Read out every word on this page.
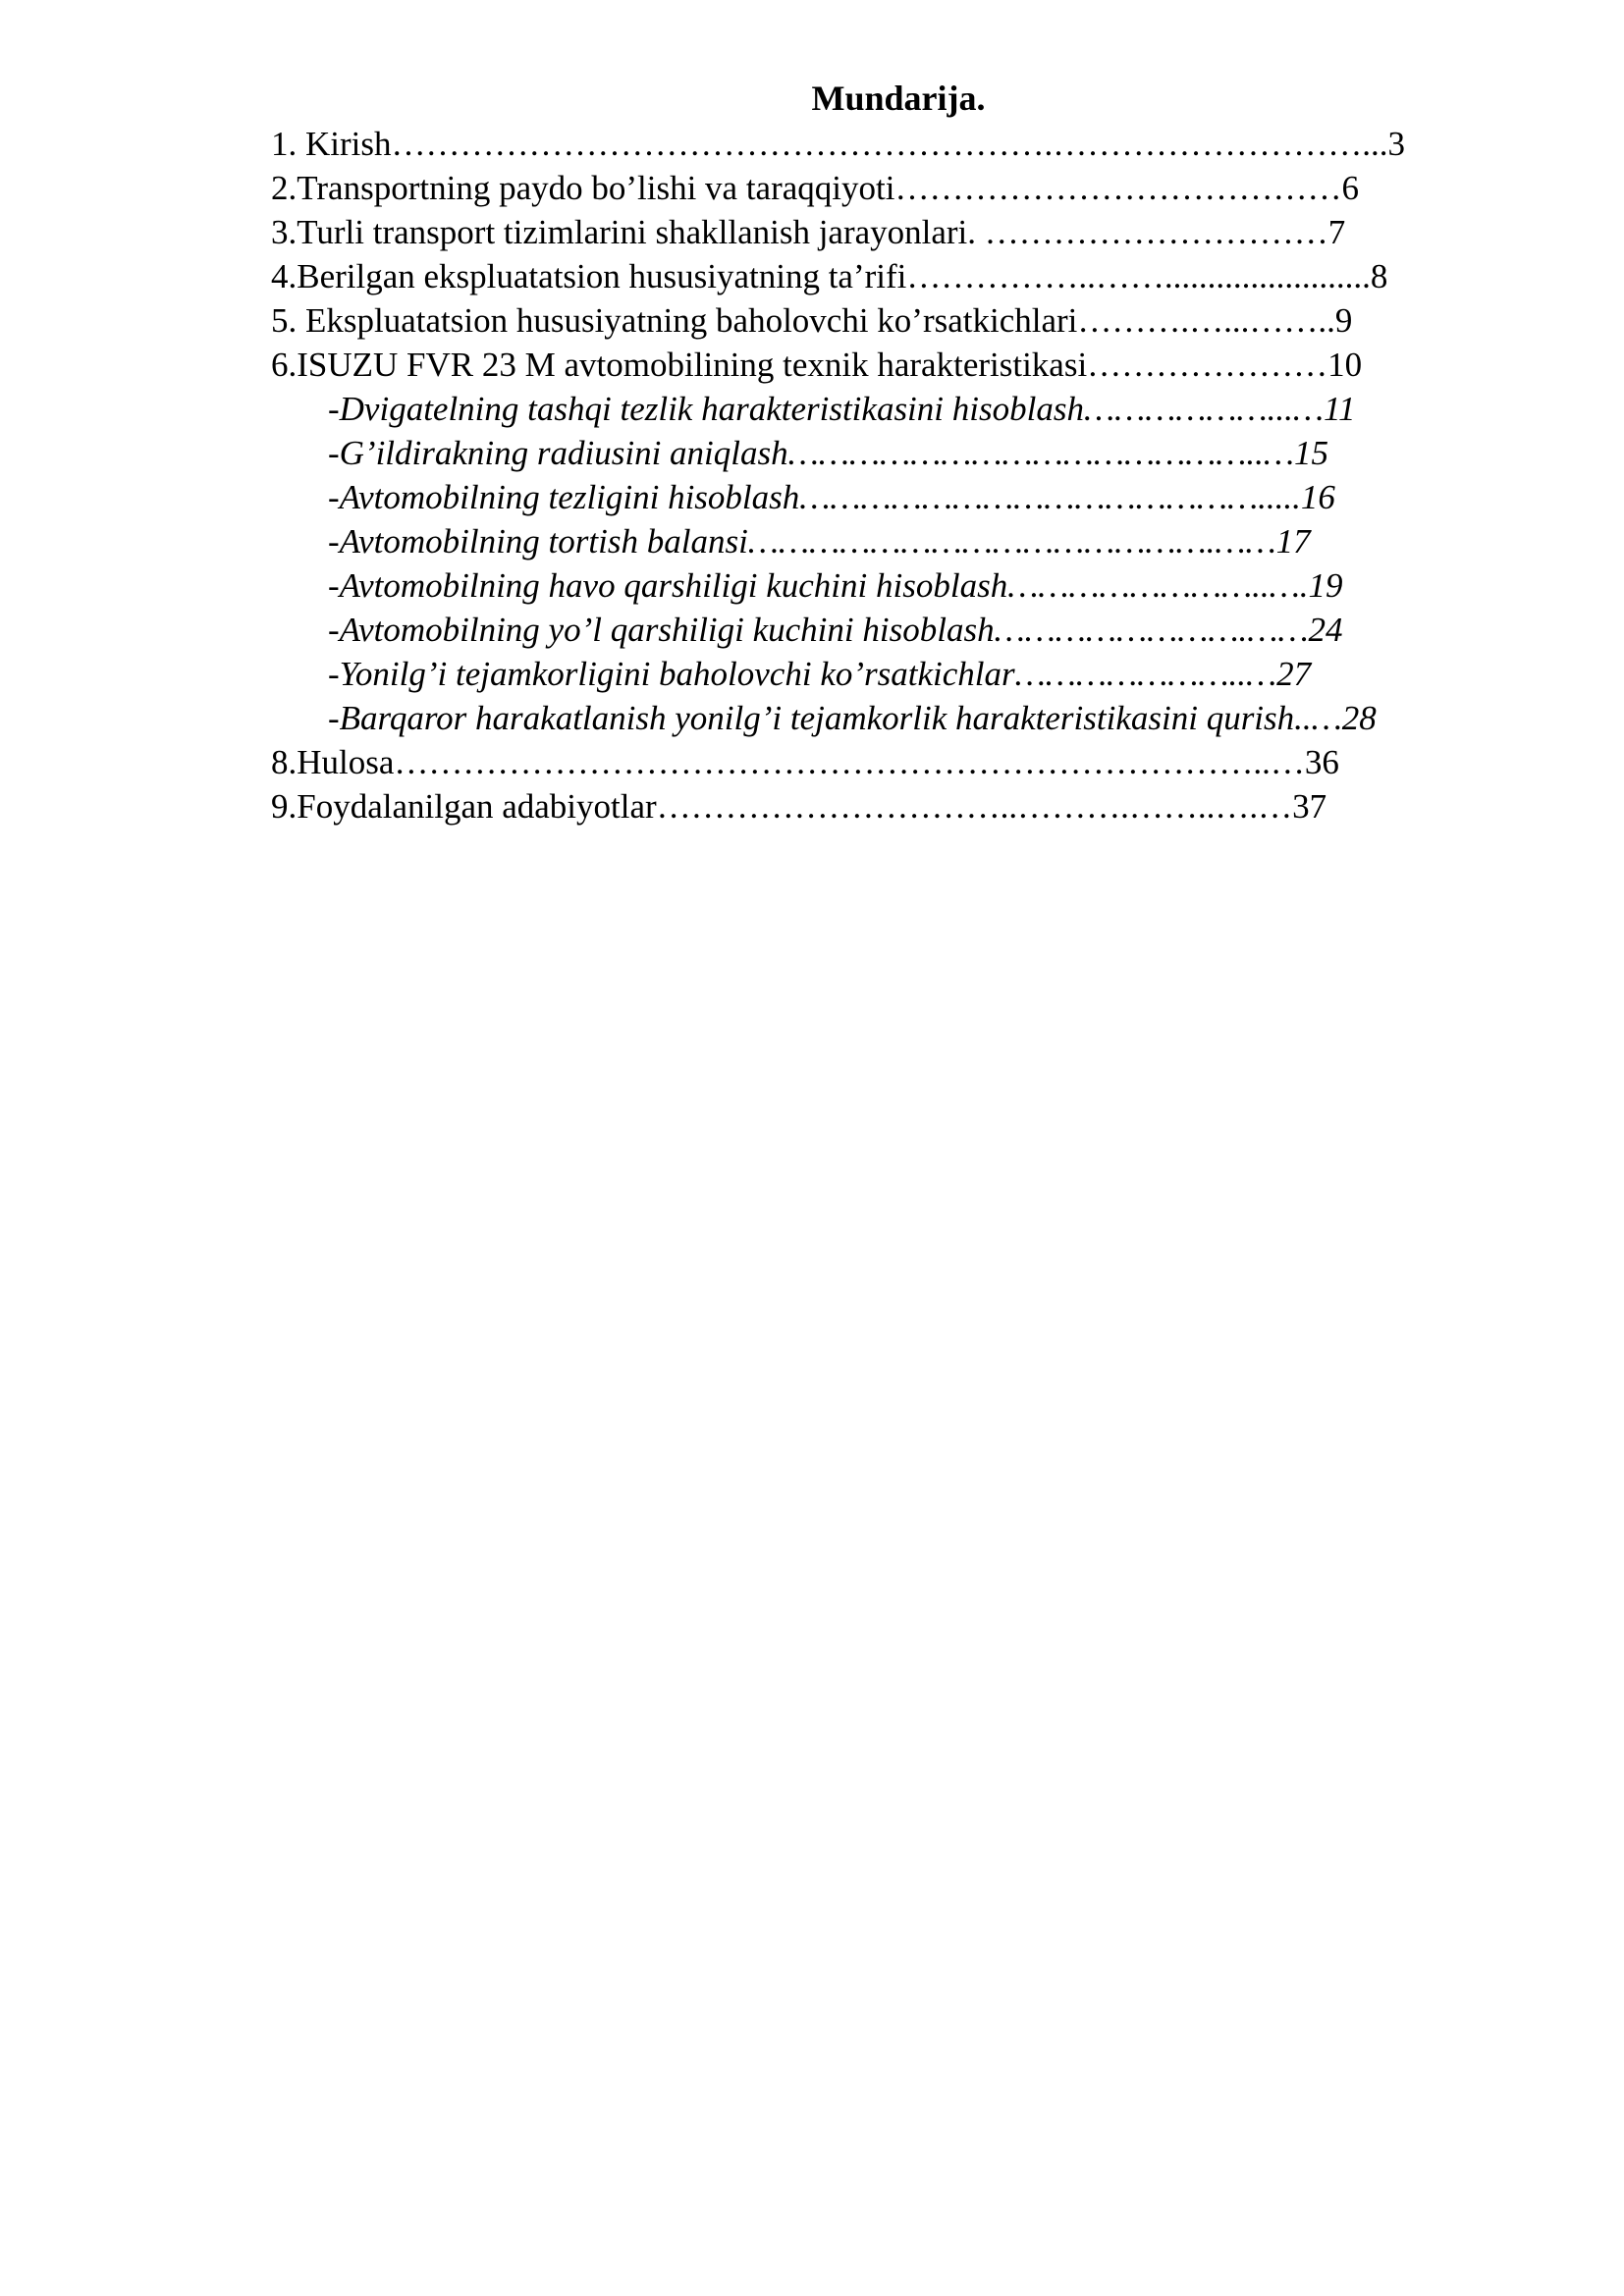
Mundarija.
1. Kirish………………………………………………….………………………...3
2.Transportning paydo bo’lishi va taraqqiyoti…………………………………6
3.Turli transport tizimlarini shakllanish jarayonlari. …………………………7
4.Berilgan ekspluatatsion hususiyatning ta’rifi……………..……........................8
5. Ekspluatatsion hususiyatning baholovchi ko’rsatkichlari……….…...……..9
6.ISUZU FVR 23 M avtomobilining texnik harakteristikasi…………………10
-Dvigatelning tashqi tezlik harakteristikasini hisoblash………………...…11
-G’ildirakning radiusini aniqlash………………………………………..…15
-Avtomobilning tezligini hisoblash……………………………………….....16
-Avtomobilning tortish balansi……………………………………….……17
-Avtomobilning havo qarshiligi kuchini hisoblash……………………..….19
-Avtomobilning yo’l qarshiligi kuchini hisoblash…………………….……24
-Yonilg’i tejamkorligini baholovchi ko’rsatkichlar…………………..…27
-Barqaror harakatlanish yonilg’i tejamkorlik harakteristikasini qurish..…28
8.Hulosa…………………………………………………………………..…36
9.Foydalanilgan adabiyotlar…………………………..……….……..….…37
